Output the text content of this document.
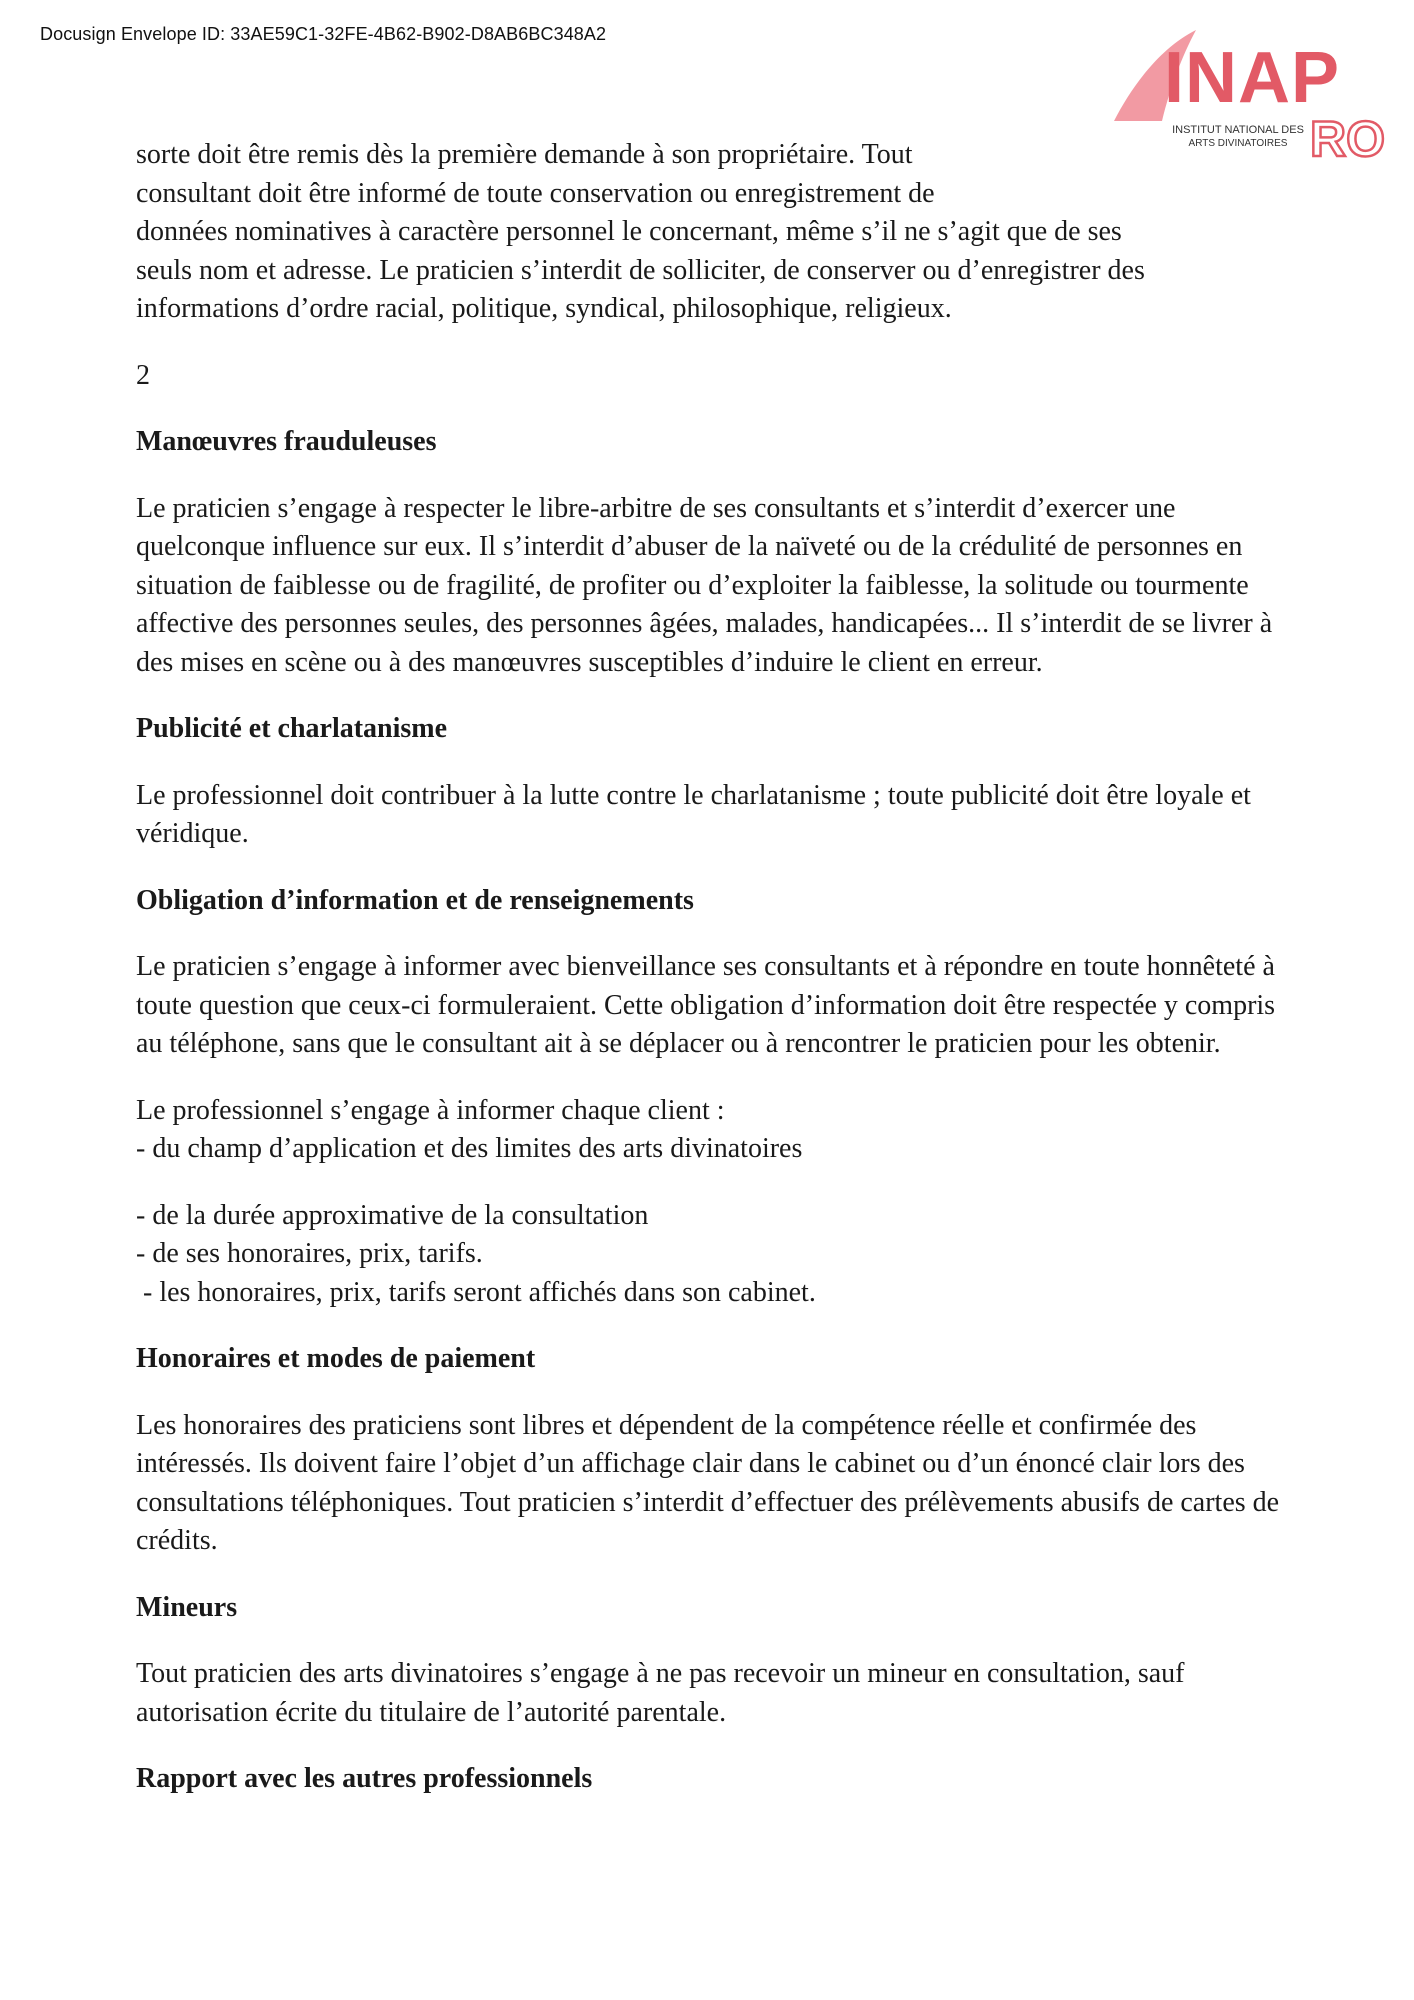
Docusign Envelope ID: 33AE59C1-32FE-4B62-B902-D8AB6BC348A2
INAP
RO
INSTITUT NATIONAL DES
ARTS DIVINATOIRES

sorte doit être remis dès la première demande à son propriétaire. Tout
consultant doit être informé de toute conservation ou enregistrement de
données nominatives à caractère personnel le concernant, même s’il ne s’agit que de ses
seuls nom et adresse. Le praticien s’interdit de solliciter, de conserver ou d’enregistrer des
informations d’ordre racial, politique, syndical, philosophique, religieux.

2

Manœuvres frauduleuses

Le praticien s’engage à respecter le libre-arbitre de ses consultants et s’interdit d’exercer une quelconque influence sur eux. Il s’interdit d’abuser de la naïveté ou de la crédulité de personnes en situation de faiblesse ou de fragilité, de profiter ou d’exploiter la faiblesse, la solitude ou tourmente affective des personnes seules, des personnes âgées, malades, handicapées... Il s’interdit de se livrer à des mises en scène ou à des manœuvres susceptibles d’induire le client en erreur.

Publicité et charlatanisme

Le professionnel doit contribuer à la lutte contre le charlatanisme ; toute publicité doit être loyale et véridique.

Obligation d’information et de renseignements

Le praticien s’engage à informer avec bienveillance ses consultants et à répondre en toute honnêteté à toute question que ceux-ci formuleraient. Cette obligation d’information doit être respectée y compris au téléphone, sans que le consultant ait à se déplacer ou à rencontrer le praticien pour les obtenir.

Le professionnel s’engage à informer chaque client :
- du champ d’application et des limites des arts divinatoires

- de la durée approximative de la consultation
- de ses honoraires, prix, tarifs.
- les honoraires, prix, tarifs seront affichés dans son cabinet.

Honoraires et modes de paiement

Les honoraires des praticiens sont libres et dépendent de la compétence réelle et confirmée des intéressés. Ils doivent faire l’objet d’un affichage clair dans le cabinet ou d’un énoncé clair lors des consultations téléphoniques. Tout praticien s’interdit d’effectuer des prélèvements abusifs de cartes de crédits.

Mineurs

Tout praticien des arts divinatoires s’engage à ne pas recevoir un mineur en consultation, sauf autorisation écrite du titulaire de l’autorité parentale.

Rapport avec les autres professionnels
